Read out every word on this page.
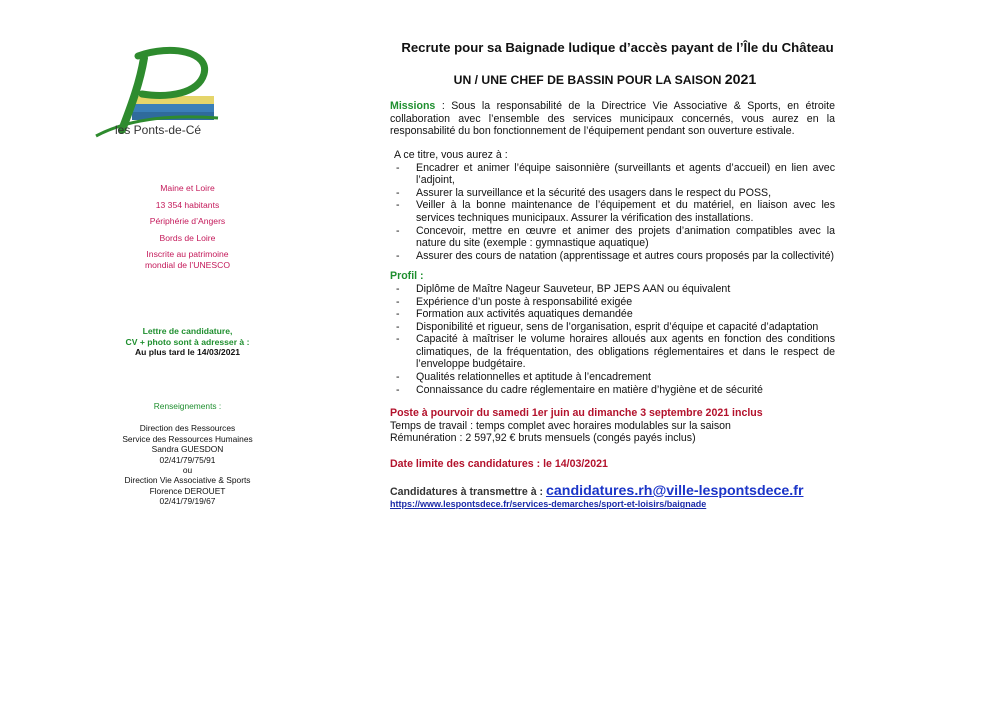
les Ponts-de-Cé
Maine et Loire
13 354 habitants
Périphérie d’Angers
Bords de Loire
Inscrite au patrimoine
mondial de l’UNESCO
Lettre de candidature,
CV + photo sont à adresser à :
Au plus tard le 14/03/2021
Renseignements :
Direction des Ressources
Service des Ressources Humaines
Sandra GUESDON
02/41/79/75/91
ou
Direction Vie Associative & Sports
Florence DEROUET
02/41/79/19/67
Recrute pour sa Baignade ludique d’accès payant de l’Île du Château
UN / UNE CHEF DE BASSIN POUR LA SAISON 2021
Missions : Sous la responsabilité de la Directrice Vie Associative & Sports, en étroite collaboration avec l’ensemble des services municipaux concernés, vous aurez en la responsabilité du bon fonctionnement de l’équipement pendant son ouverture estivale.
A ce titre, vous aurez à :
- Encadrer et animer l’équipe saisonnière (surveillants et agents d’accueil) en lien avec l’adjoint,
- Assurer la surveillance et la sécurité des usagers dans le respect du POSS,
- Veiller à la bonne maintenance de l’équipement et du matériel, en liaison avec les services techniques municipaux. Assurer la vérification des installations.
- Concevoir, mettre en œuvre et animer des projets d’animation compatibles avec la nature du site (exemple : gymnastique aquatique)
- Assurer des cours de natation (apprentissage et autres cours proposés par la collectivité)
Profil :
- Diplôme de Maître Nageur Sauveteur, BP JEPS AAN ou équivalent
- Expérience d’un poste à responsabilité exigée
- Formation aux activités aquatiques demandée
- Disponibilité et rigueur, sens de l’organisation, esprit d’équipe et capacité d’adaptation
- Capacité à maîtriser le volume horaires alloués aux agents en fonction des conditions climatiques, de la fréquentation, des obligations réglementaires et dans le respect de l’enveloppe budgétaire.
- Qualités relationnelles et aptitude à l’encadrement
- Connaissance du cadre réglementaire en matière d’hygiène et de sécurité
Poste à pourvoir du samedi 1er juin au dimanche 3 septembre 2021 inclus
Temps de travail : temps complet avec horaires modulables sur la saison
Rémunération : 2 597,92 € bruts mensuels (congés payés inclus)
Date limite des candidatures : le 14/03/2021
Candidatures à transmettre à : candidatures.rh@ville-lespontsdece.fr
https://www.lespontsdece.fr/services-demarches/sport-et-loisirs/baignade
